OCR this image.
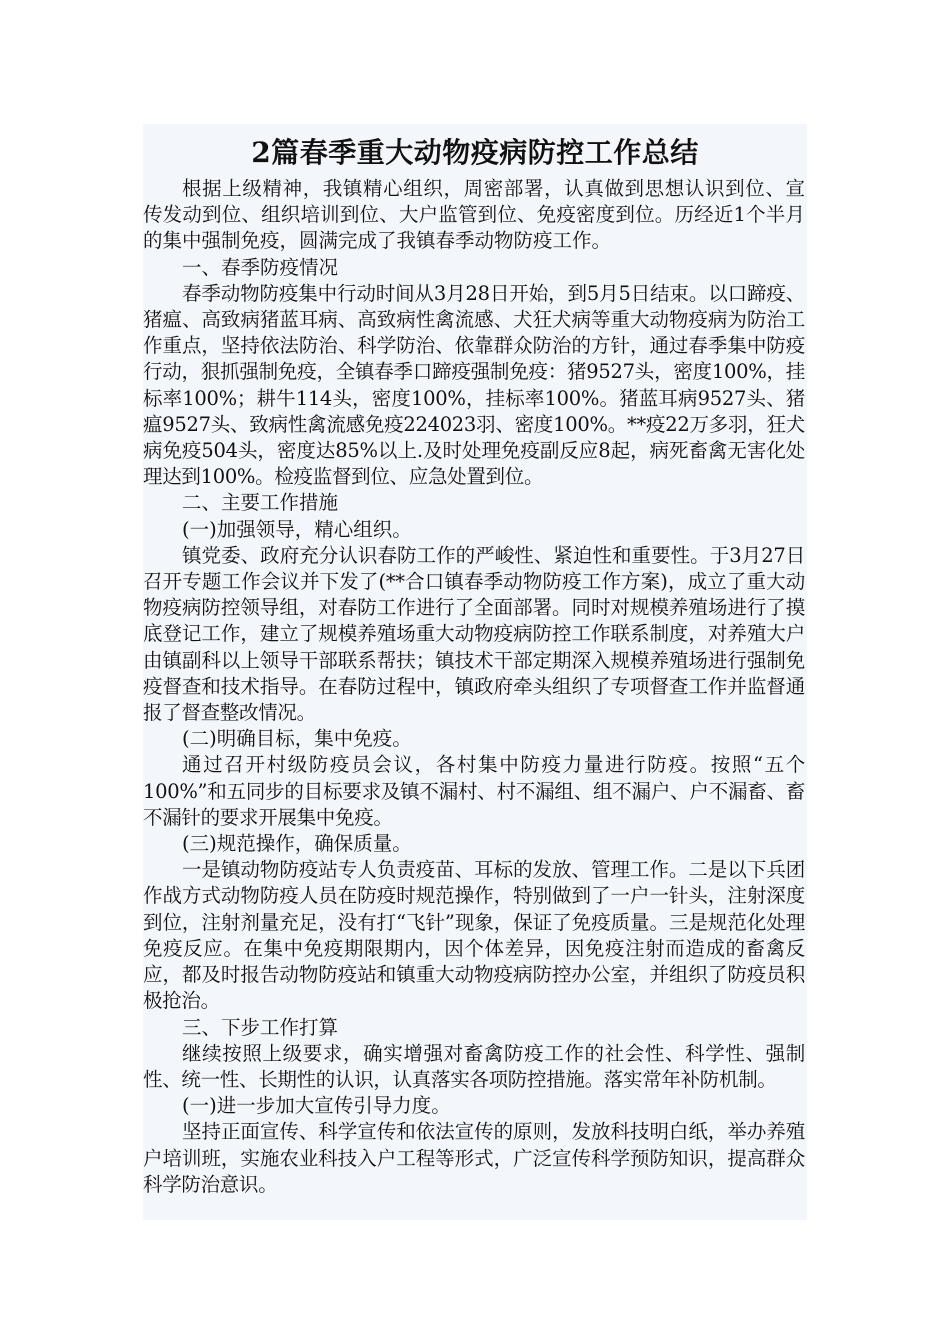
2篇春季重大动物疫病防控工作总结

根据上级精神，我镇精心组织，周密部署，认真做到思想认识到位、宣传发动到位、组织培训到位、大户监管到位、免疫密度到位。历经近1个半月的集中强制免疫，圆满完成了我镇春季动物防疫工作。

一、春季防疫情况

春季动物防疫集中行动时间从3月28日开始，到5月5日结束。以口蹄疫、猪瘟、高致病猪蓝耳病、高致病性禽流感、犬狂犬病等重大动物疫病为防治工作重点，坚持依法防治、科学防治、依靠群众防治的方针，通过春季集中防疫行动，狠抓强制免疫，全镇春季口蹄疫强制免疫：猪9527头，密度100%，挂标率100%；耕牛114头，密度100%，挂标率100%。猪蓝耳病9527头、猪瘟9527头、致病性禽流感免疫224023羽、密度100%。**疫22万多羽，狂犬病免疫504头，密度达85%以上.及时处理免疫副反应8起，病死畜禽无害化处理达到100%。检疫监督到位、应急处置到位。

二、主要工作措施

(一)加强领导，精心组织。

镇党委、政府充分认识春防工作的严峻性、紧迫性和重要性。于3月27日召开专题工作会议并下发了(**合口镇春季动物防疫工作方案)，成立了重大动物疫病防控领导组，对春防工作进行了全面部署。同时对规模养殖场进行了摸底登记工作，建立了规模养殖场重大动物疫病防控工作联系制度，对养殖大户由镇副科以上领导干部联系帮扶；镇技术干部定期深入规模养殖场进行强制免疫督查和技术指导。在春防过程中，镇政府牵头组织了专项督查工作并监督通报了督查整改情况。

(二)明确目标，集中免疫。

通过召开村级防疫员会议，各村集中防疫力量进行防疫。按照“五个100%”和五同步的目标要求及镇不漏村、村不漏组、组不漏户、户不漏畜、畜不漏针的要求开展集中免疫。

(三)规范操作，确保质量。

一是镇动物防疫站专人负责疫苗、耳标的发放、管理工作。二是以下兵团作战方式动物防疫人员在防疫时规范操作，特别做到了一户一针头，注射深度到位，注射剂量充足，没有打“飞针”现象，保证了免疫质量。三是规范化处理免疫反应。在集中免疫期限期内，因个体差异，因免疫注射而造成的畜禽反应，都及时报告动物防疫站和镇重大动物疫病防控办公室，并组织了防疫员积极抢治。

三、下步工作打算

继续按照上级要求，确实增强对畜禽防疫工作的社会性、科学性、强制性、统一性、长期性的认识，认真落实各项防控措施。落实常年补防机制。

(一)进一步加大宣传引导力度。

坚持正面宣传、科学宣传和依法宣传的原则，发放科技明白纸，举办养殖户培训班，实施农业科技入户工程等形式，广泛宣传科学预防知识，提高群众科学防治意识。
